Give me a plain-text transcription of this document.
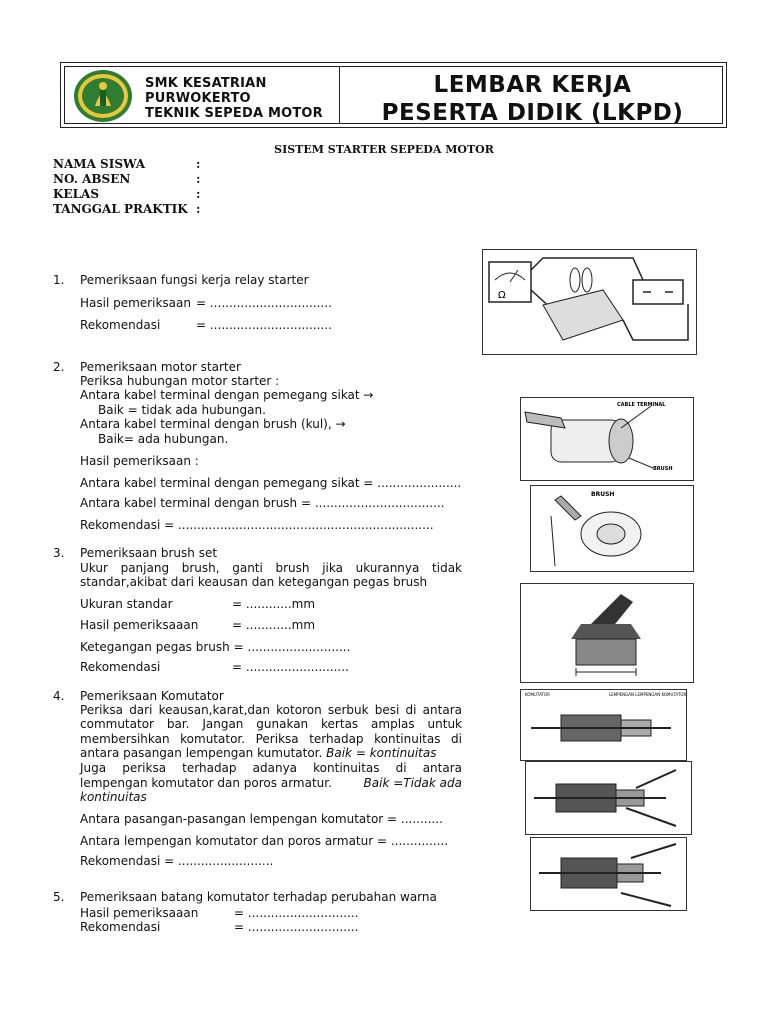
SMK KESATRIAN
PURWOKERTO
TEKNIK SEPEDA MOTOR
LEMBAR KERJA
PESERTA DIDIK (LKPD)
SISTEM STARTER SEPEDA MOTOR
NAMA SISWA	:
NO. ABSEN	:
KELAS	:
TANGGAL PRAKTIK :
1. Pemeriksaan fungsi kerja relay starter
Hasil pemeriksaan = ................................
Rekomendasi	= ................................
Ω
2. Pemeriksaan motor starter
Periksa hubungan motor starter :
Antara kabel terminal dengan pemegang sikat →
Baik = tidak ada hubungan.
Antara kabel terminal dengan brush (kul), →
Baik= ada hubungan.
Hasil pemeriksaan :
Antara kabel terminal dengan pemegang sikat = ......................
Antara kabel terminal dengan brush = ..................................
Rekomendasi = ...................................................................
CABLE TERMINAL
BRUSH
BRUSH
3. Pemeriksaan brush set
Ukur panjang brush, ganti brush jika ukurannya tidak
standar,akibat dari keausan dan ketegangan pegas brush
Ukuran standar	= ............mm
Hasil pemeriksaaan	= ............mm
Ketegangan pegas brush = ...........................
Rekomendasi	= ...........................
4. Pemeriksaan Komutator
Periksa dari keausan,karat,dan kotoron serbuk besi di antara
commutator bar. Jangan gunakan kertas amplas untuk
membersihkan komutator. Periksa terhadap kontinuitas di
antara pasangan lempengan kumutator. Baik = kontinuitas
Juga periksa terhadap adanya kontinuitas di antara
lempengan komutator dan poros armatur.	Baik =Tidak ada
kontinuitas
Antara pasangan-pasangan lempengan komutator = ...........
Antara lempengan komutator dan poros armatur = ...............
Rekomendasi = .........................
KOMUTATOR	LEMPENGAN LEMPENGAN KOMUTATOR
5. Pemeriksaan batang komutator terhadap perubahan warna
Hasil pemeriksaaan	= .............................
Rekomendasi	= .............................
